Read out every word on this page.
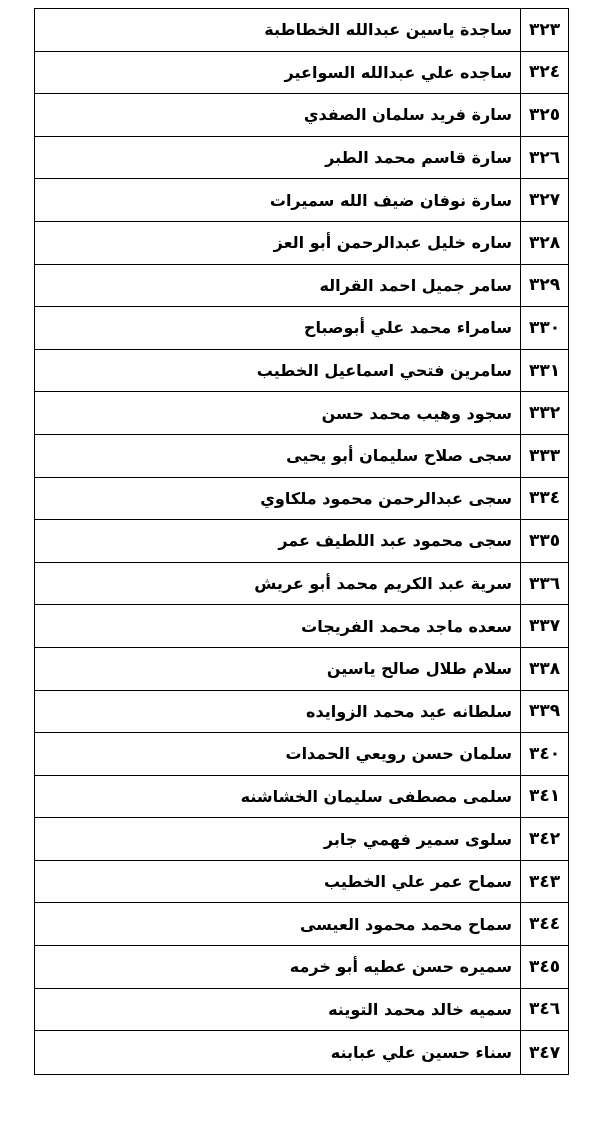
٣٢٣
ساجدة ياسين عبدالله الخطاطبة
٣٢٤
ساجده علي عبدالله السواعير
٣٢٥
سارة فريد سلمان الصفدي
٣٢٦
سارة قاسم محمد الطبر
٣٢٧
سارة نوفان ضيف الله سميرات
٣٢٨
ساره خليل عبدالرحمن أبو العز
٣٢٩
سامر جميل احمد القراله
٣٣٠
سامراء محمد علي أبوصباح
٣٣١
سامرين فتحي اسماعيل الخطيب
٣٣٢
سجود وهيب محمد حسن
٣٣٣
سجى صلاح سليمان أبو يحيى
٣٣٤
سجى عبدالرحمن محمود ملكاوي
٣٣٥
سجى محمود عبد اللطيف عمر
٣٣٦
سرية عبد الكريم محمد أبو عريش
٣٣٧
سعده ماجد محمد الفريجات
٣٣٨
سلام طلال صالح ياسين
٣٣٩
سلطانه عيد محمد الزوايده
٣٤٠
سلمان حسن رويعي الحمدات
٣٤١
سلمى مصطفى سليمان الخشاشنه
٣٤٢
سلوى سمير فهمي جابر
٣٤٣
سماح عمر علي الخطيب
٣٤٤
سماح محمد محمود العيسى
٣٤٥
سميره حسن عطيه أبو خرمه
٣٤٦
سميه خالد محمد التوينه
٣٤٧
سناء حسين علي عبابنه
